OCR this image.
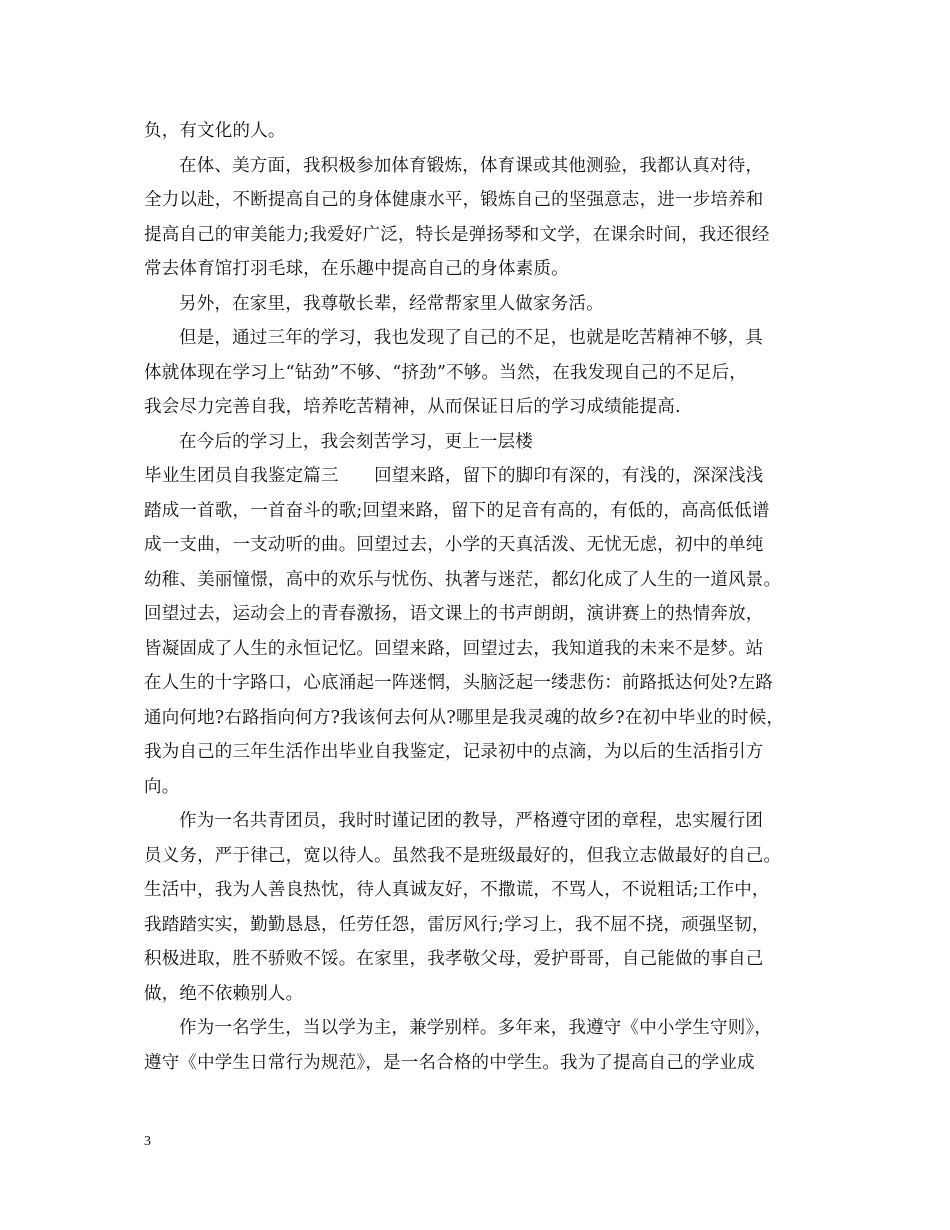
负，有文化的人。
在体、美方面，我积极参加体育锻炼，体育课或其他测验，我都认真对待，
全力以赴，不断提高自己的身体健康水平，锻炼自己的坚强意志，进一步培养和
提高自己的审美能力;我爱好广泛，特长是弹扬琴和文学，在课余时间，我还很经
常去体育馆打羽毛球，在乐趣中提高自己的身体素质。
另外，在家里，我尊敬长辈，经常帮家里人做家务活。
但是，通过三年的学习，我也发现了自己的不足，也就是吃苦精神不够，具
体就体现在学习上“钻劲”不够、“挤劲”不够。当然，在我发现自己的不足后，
我会尽力完善自我，培养吃苦精神，从而保证日后的学习成绩能提高.
在今后的学习上，我会刻苦学习，更上一层楼
毕业生团员自我鉴定篇三　　回望来路，留下的脚印有深的，有浅的，深深浅浅
踏成一首歌，一首奋斗的歌;回望来路，留下的足音有高的，有低的，高高低低谱
成一支曲，一支动听的曲。回望过去，小学的天真活泼、无忧无虑，初中的单纯
幼稚、美丽憧憬，高中的欢乐与忧伤、执著与迷茫，都幻化成了人生的一道风景。
回望过去，运动会上的青春激扬，语文课上的书声朗朗，演讲赛上的热情奔放，
皆凝固成了人生的永恒记忆。回望来路，回望过去，我知道我的未来不是梦。站
在人生的十字路口，心底涌起一阵迷惘，头脑泛起一缕悲伤：前路抵达何处?左路
通向何地?右路指向何方?我该何去何从?哪里是我灵魂的故乡?在初中毕业的时候，
我为自己的三年生活作出毕业自我鉴定，记录初中的点滴，为以后的生活指引方
向。
作为一名共青团员，我时时谨记团的教导，严格遵守团的章程，忠实履行团
员义务，严于律己，宽以待人。虽然我不是班级最好的，但我立志做最好的自己。
生活中，我为人善良热忱，待人真诚友好，不撒谎，不骂人，不说粗话;工作中，
我踏踏实实，勤勤恳恳，任劳任怨，雷厉风行;学习上，我不屈不挠，顽强坚韧，
积极进取，胜不骄败不馁。在家里，我孝敬父母，爱护哥哥，自己能做的事自己
做，绝不依赖别人。
作为一名学生，当以学为主，兼学别样。多年来，我遵守《中小学生守则》，
遵守《中学生日常行为规范》，是一名合格的中学生。我为了提高自己的学业成
3
